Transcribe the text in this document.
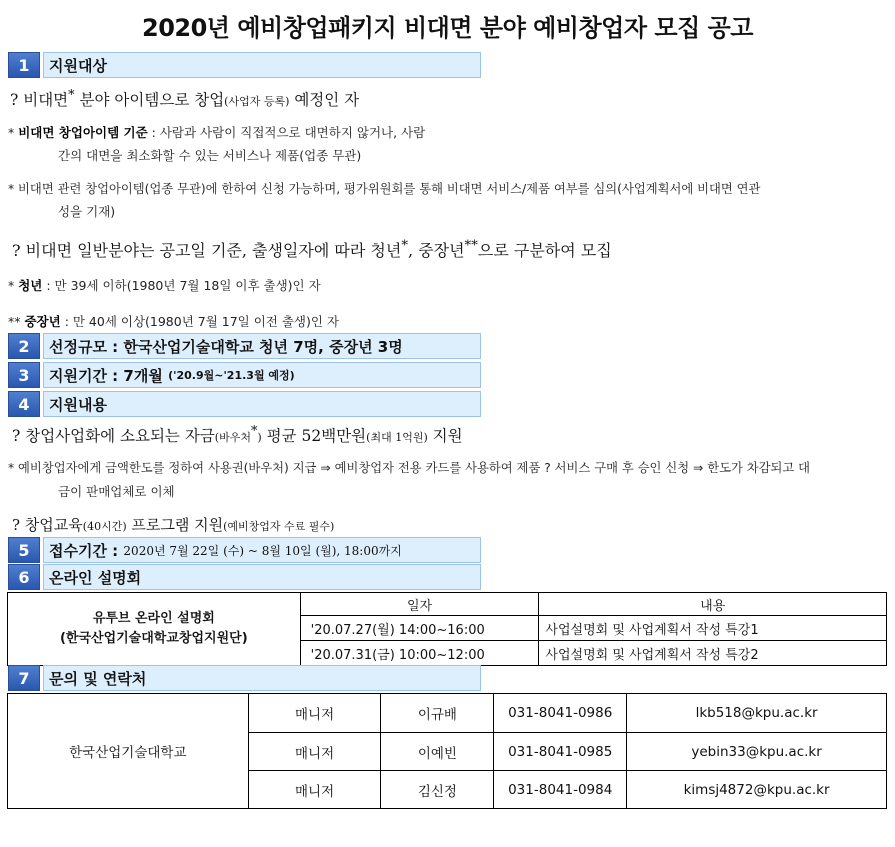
2020년 예비창업패키지 비대면 분야 예비창업자 모집 공고
1	지원대상
? 비대면* 분야 아이템으로 창업(사업자 등록) 예정인 자
* 비대면 창업아이템 기준 : 사람과 사람이 직접적으로 대면하지 않거나, 사람
간의 대면을 최소화할 수 있는 서비스나 제품(업종 무관)
* 비대면 관련 창업아이템(업종 무관)에 한하여 신청 가능하며, 평가위원회를 통해 비대면 서비스/제품 여부를 심의(사업계획서에 비대면 연관
성을 기재)
? 비대면 일반분야는 공고일 기준, 출생일자에 따라 청년*, 중장년**으로 구분하여 모집
* 청년 : 만 39세 이하(1980년 7월 18일 이후 출생)인 자
** 중장년 : 만 40세 이상(1980년 7월 17일 이전 출생)인 자
2	선정규모 : 한국산업기술대학교 청년 7명, 중장년 3명
3	지원기간 : 7개월
('20.9월~'21.3월 예정)
4	지원내용
? 창업사업화에 소요되는 자금(바우처*) 평균 52백만원(최대 1억원) 지원
* 예비창업자에게 금액한도를 정하여 사용권(바우처) 지급 ⇒ 예비창업자 전용 카드를 사용하여 제품 ? 서비스 구매 후 승인 신청 ⇒ 한도가 차감되고 대
금이 판매업체로 이체
? 창업교육(40시간) 프로그램 지원(예비창업자 수료 필수)
5	접수기간 :
2020년 7월 22일 (수) ~ 8월 10일 (월), 18:00까지
6	온라인 설명회
유투브 온라인 설명회
(한국산업기술대학교창업지원단)	일자	내용
	'20.07.27(월) 14:00~16:00	사업설명회 및 사업계획서 작성 특강1
	'20.07.31(금) 10:00~12:00	사업설명회 및 사업계획서 작성 특강2
7	문의 및 연락처
한국산업기술대학교	매니저	이규배	031-8041-0986	lkb518@kpu.ac.kr
	매니저	이예빈	031-8041-0985	yebin33@kpu.ac.kr
	매니저	김신정	031-8041-0984	kimsj4872@kpu.ac.kr
